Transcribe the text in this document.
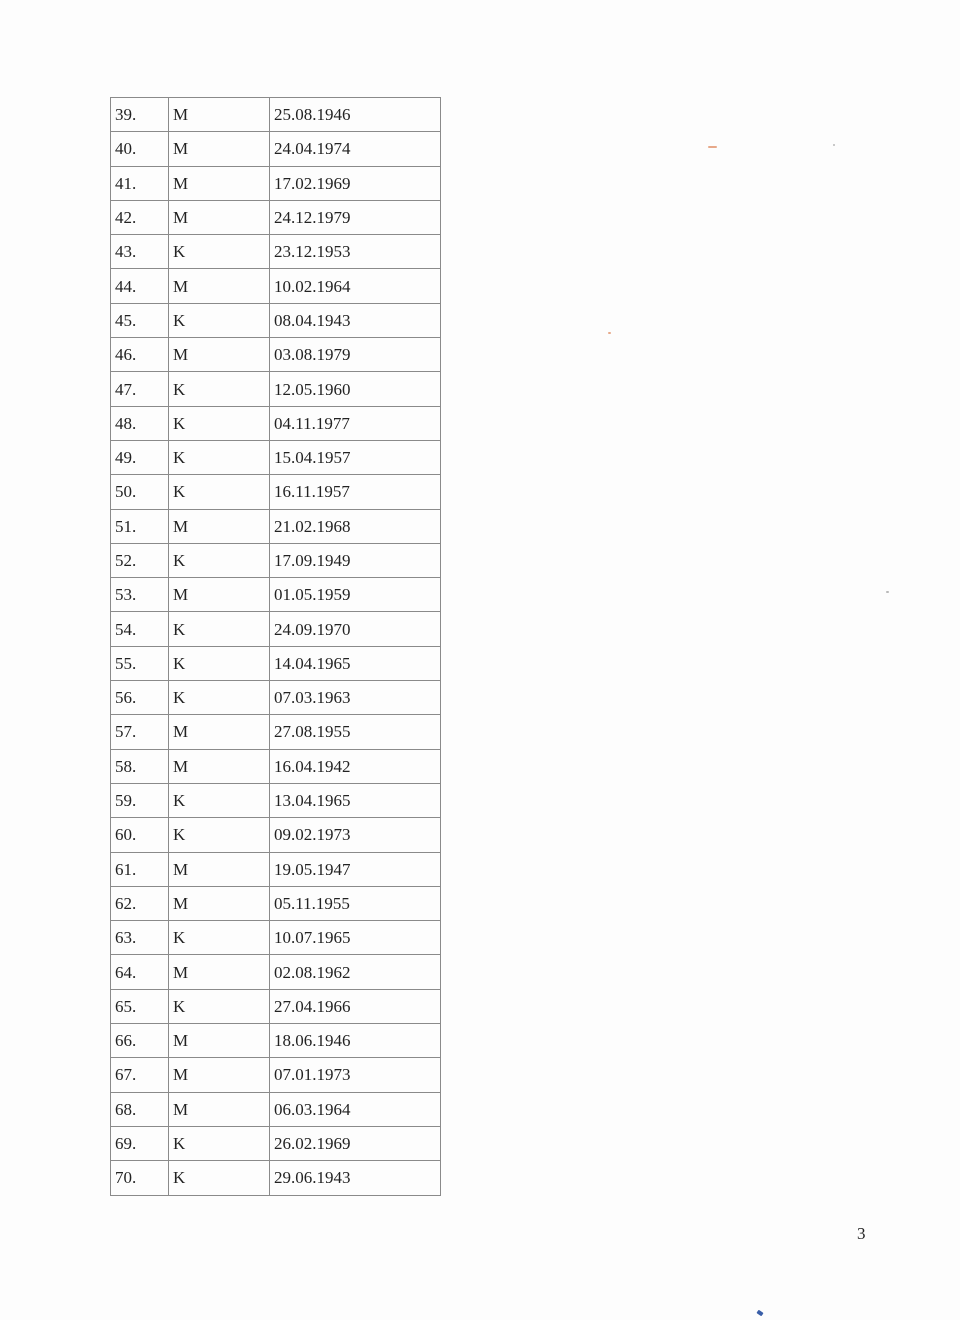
39.	M	25.08.1946
40.	M	24.04.1974
41.	M	17.02.1969
42.	M	24.12.1979
43.	K	23.12.1953
44.	M	10.02.1964
45.	K	08.04.1943
46.	M	03.08.1979
47.	K	12.05.1960
48.	K	04.11.1977
49.	K	15.04.1957
50.	K	16.11.1957
51.	M	21.02.1968
52.	K	17.09.1949
53.	M	01.05.1959
54.	K	24.09.1970
55.	K	14.04.1965
56.	K	07.03.1963
57.	M	27.08.1955
58.	M	16.04.1942
59.	K	13.04.1965
60.	K	09.02.1973
61.	M	19.05.1947
62.	M	05.11.1955
63.	K	10.07.1965
64.	M	02.08.1962
65.	K	27.04.1966
66.	M	18.06.1946
67.	M	07.01.1973
68.	M	06.03.1964
69.	K	26.02.1969
70.	K	29.06.1943
3
